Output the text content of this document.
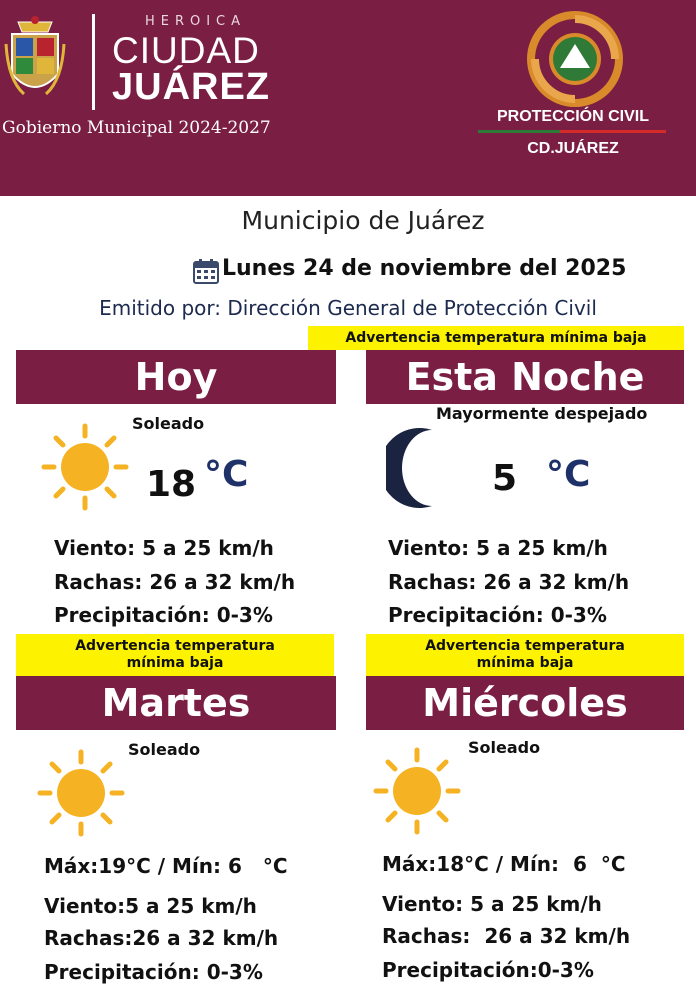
HEROICA
CIUDAD
JUÁREZ
Gobierno Municipal 2024-2027
PROTECCIÓN CIVIL
CD.JUÁREZ
Municipio de Juárez
Lunes 24 de noviembre del 2025
Emitido por: Dirección General de Protección Civil
Advertencia temperatura mínima baja
Hoy
Soleado
18 °C
Viento: 5 a 25 km/h
Rachas: 26 a 32 km/h
Precipitación: 0-3%
Esta Noche
Mayormente despejado
5 °C
Viento: 5 a 25 km/h
Rachas: 26 a 32 km/h
Precipitación: 0-3%
Advertencia temperatura
mínima baja
Advertencia temperatura
mínima baja
Martes
Soleado
Máx:19°C / Mín: 6 °C
Viento:5 a 25 km/h
Rachas:26 a 32 km/h
Precipitación: 0-3%
Miércoles
Soleado
Máx:18°C / Mín: 6 °C
Viento: 5 a 25 km/h
Rachas: 26 a 32 km/h
Precipitación:0-3%
